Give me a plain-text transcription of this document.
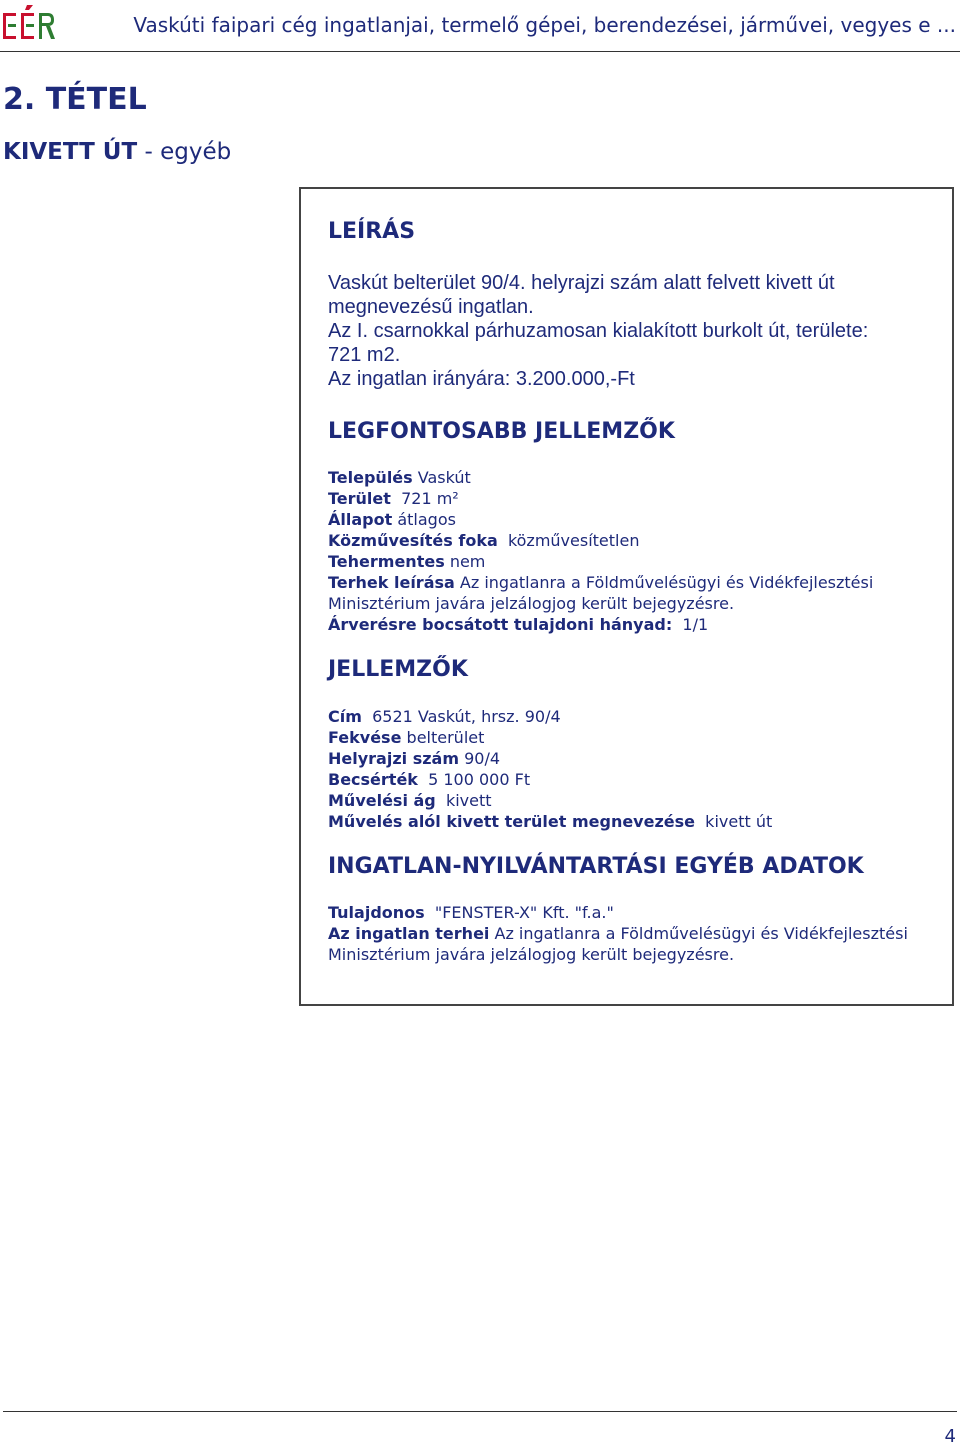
Vaskúti faipari cég ingatlanjai, termelő gépei, berendezései, járművei, vegyes e ...
2. TÉTEL
KIVETT ÚT - egyéb
LEÍRÁS
Vaskút belterület 90/4. helyrajzi szám alatt felvett kivett út
megnevezésű ingatlan.
Az I. csarnokkal párhuzamosan kialakított burkolt út, területe:
721 m2.
Az ingatlan irányára: 3.200.000,-Ft
LEGFONTOSABB JELLEMZŐK
Település Vaskút
Terület 721 m²
Állapot átlagos
Közművesítés foka közművesítetlen
Tehermentes nem
Terhek leírása Az ingatlanra a Földművelésügyi és Vidékfejlesztési
Minisztérium javára jelzálogjog került bejegyzésre.
Árverésre bocsátott tulajdoni hányad: 1/1
JELLEMZŐK
Cím 6521 Vaskút, hrsz. 90/4
Fekvése belterület
Helyrajzi szám 90/4
Becsérték 5 100 000 Ft
Művelési ág kivett
Művelés alól kivett terület megnevezése kivett út
INGATLAN-NYILVÁNTARTÁSI EGYÉB ADATOK
Tulajdonos "FENSTER-X" Kft. "f.a."
Az ingatlan terhei Az ingatlanra a Földművelésügyi és Vidékfejlesztési
Minisztérium javára jelzálogjog került bejegyzésre.
4
